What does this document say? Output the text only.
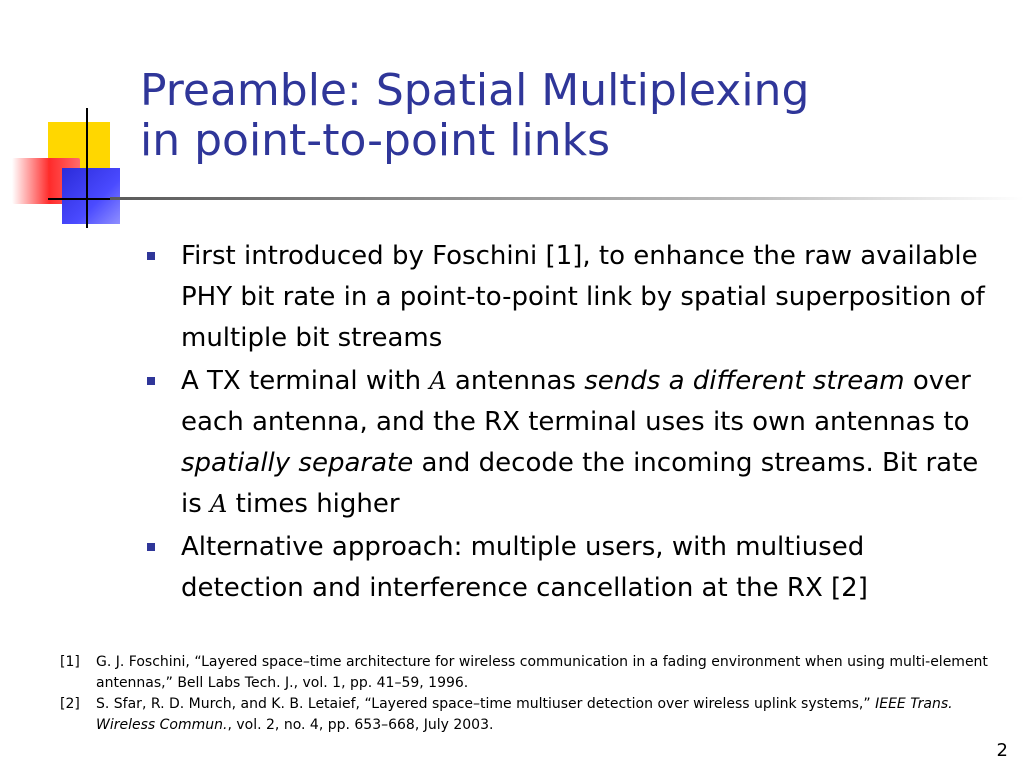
Preamble: Spatial Multiplexing
in point-to-point links
First introduced by Foschini [1], to enhance the raw available PHY bit rate in a point-to-point link by spatial superposition of multiple bit streams
A TX terminal with A antennas sends a different stream over each antenna, and the RX terminal uses its own antennas to spatially separate and decode the incoming streams. Bit rate is A times higher
Alternative approach: multiple users, with multiused detection and interference cancellation at the RX [2]
[1] G. J. Foschini, “Layered space–time architecture for wireless communication in a fading environment when using multi-element antennas,” Bell Labs Tech. J., vol. 1, pp. 41–59, 1996.
[2] S. Sfar, R. D. Murch, and K. B. Letaief, “Layered space–time multiuser detection over wireless uplink systems,” IEEE Trans. Wireless Commun., vol. 2, no. 4, pp. 653–668, July 2003.
2
